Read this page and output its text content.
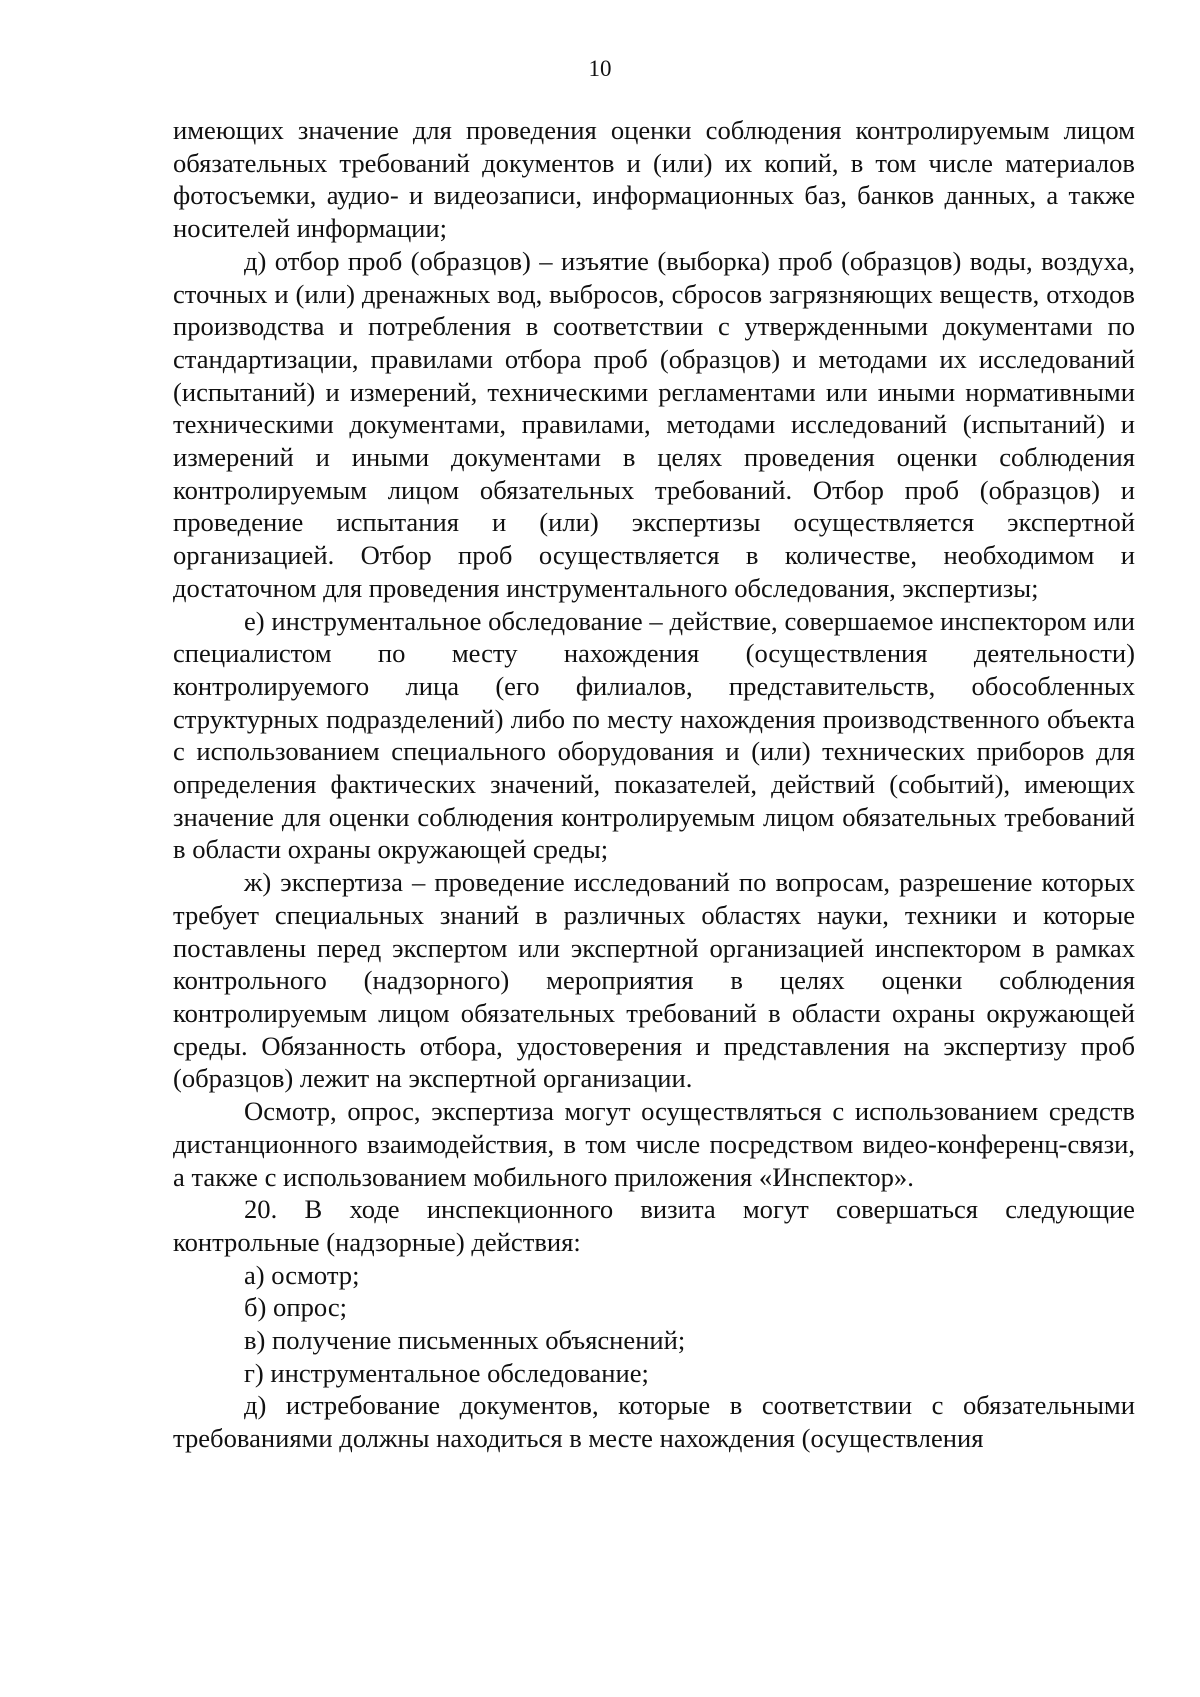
10

имеющих значение для проведения оценки соблюдения контролируемым лицом обязательных требований документов и (или) их копий, в том числе материалов фотосъемки, аудио- и видеозаписи, информационных баз, банков данных, а также носителей информации;

д) отбор проб (образцов) – изъятие (выборка) проб (образцов) воды, воздуха, сточных и (или) дренажных вод, выбросов, сбросов загрязняющих веществ, отходов производства и потребления в соответствии с утвержденными документами по стандартизации, правилами отбора проб (образцов) и методами их исследований (испытаний) и измерений, техническими регламентами или иными нормативными техническими документами, правилами, методами исследований (испытаний) и измерений и иными документами в целях проведения оценки соблюдения контролируемым лицом обязательных требований. Отбор проб (образцов) и проведение испытания и (или) экспертизы осуществляется экспертной организацией. Отбор проб осуществляется в количестве, необходимом и достаточном для проведения инструментального обследования, экспертизы;

е) инструментальное обследование – действие, совершаемое инспектором или специалистом по месту нахождения (осуществления деятельности) контролируемого лица (его филиалов, представительств, обособленных структурных подразделений) либо по месту нахождения производственного объекта с использованием специального оборудования и (или) технических приборов для определения фактических значений, показателей, действий (событий), имеющих значение для оценки соблюдения контролируемым лицом обязательных требований в области охраны окружающей среды;

ж) экспертиза – проведение исследований по вопросам, разрешение которых требует специальных знаний в различных областях науки, техники и которые поставлены перед экспертом или экспертной организацией инспектором в рамках контрольного (надзорного) мероприятия в целях оценки соблюдения контролируемым лицом обязательных требований в области охраны окружающей среды. Обязанность отбора, удостоверения и представления на экспертизу проб (образцов) лежит на экспертной организации.

Осмотр, опрос, экспертиза могут осуществляться с использованием средств дистанционного взаимодействия, в том числе посредством видео-конференц-связи, а также с использованием мобильного приложения «Инспектор».

20. В ходе инспекционного визита могут совершаться следующие контрольные (надзорные) действия:

а) осмотр;

б) опрос;

в) получение письменных объяснений;

г) инструментальное обследование;

д) истребование документов, которые в соответствии с обязательными требованиями должны находиться в месте нахождения (осуществления
